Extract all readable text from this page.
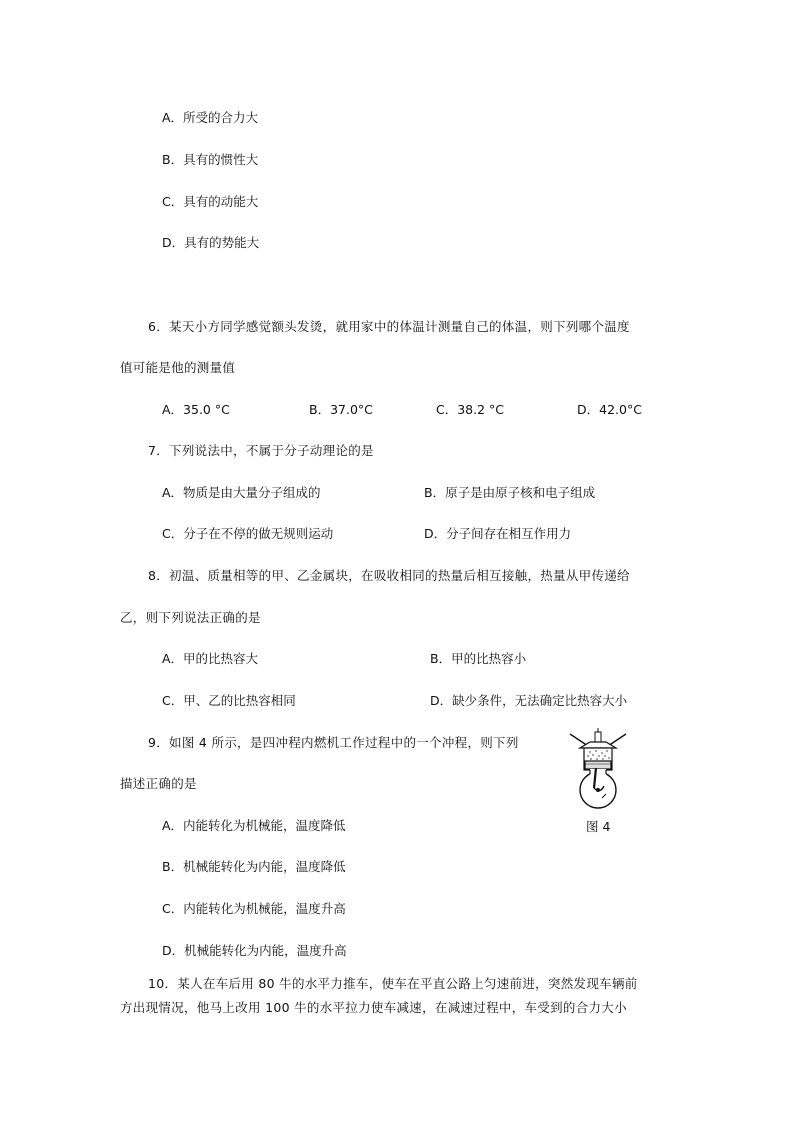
A．所受的合力大
B．具有的惯性大
C．具有的动能大
D．具有的势能大
6．某天小方同学感觉额头发烫，就用家中的体温计测量自己的体温，则下列哪个温度
值可能是他的测量值
A．35.0 °C	B．37.0°C	C．38.2 °C	D．42.0°C
7．下列说法中，不属于分子动理论的是
A．物质是由大量分子组成的	B．原子是由原子核和电子组成
C．分子在不停的做无规则运动	D．分子间存在相互作用力
8．初温、质量相等的甲、乙金属块，在吸收相同的热量后相互接触，热量从甲传递给
乙，则下列说法正确的是
A．甲的比热容大	B．甲的比热容小
C．甲、乙的比热容相同	D．缺少条件，无法确定比热容大小
9．如图 4 所示，是四冲程内燃机工作过程中的一个冲程，则下列
描述正确的是
A．内能转化为机械能，温度降低
B．机械能转化为内能，温度降低
C．内能转化为机械能，温度升高
D．机械能转化为内能，温度升高
图 4
10．某人在车后用 80 牛的水平力推车，使车在平直公路上匀速前进，突然发现车辆前
方出现情况，他马上改用 100 牛的水平拉力使车减速，在减速过程中，车受到的合力大小
